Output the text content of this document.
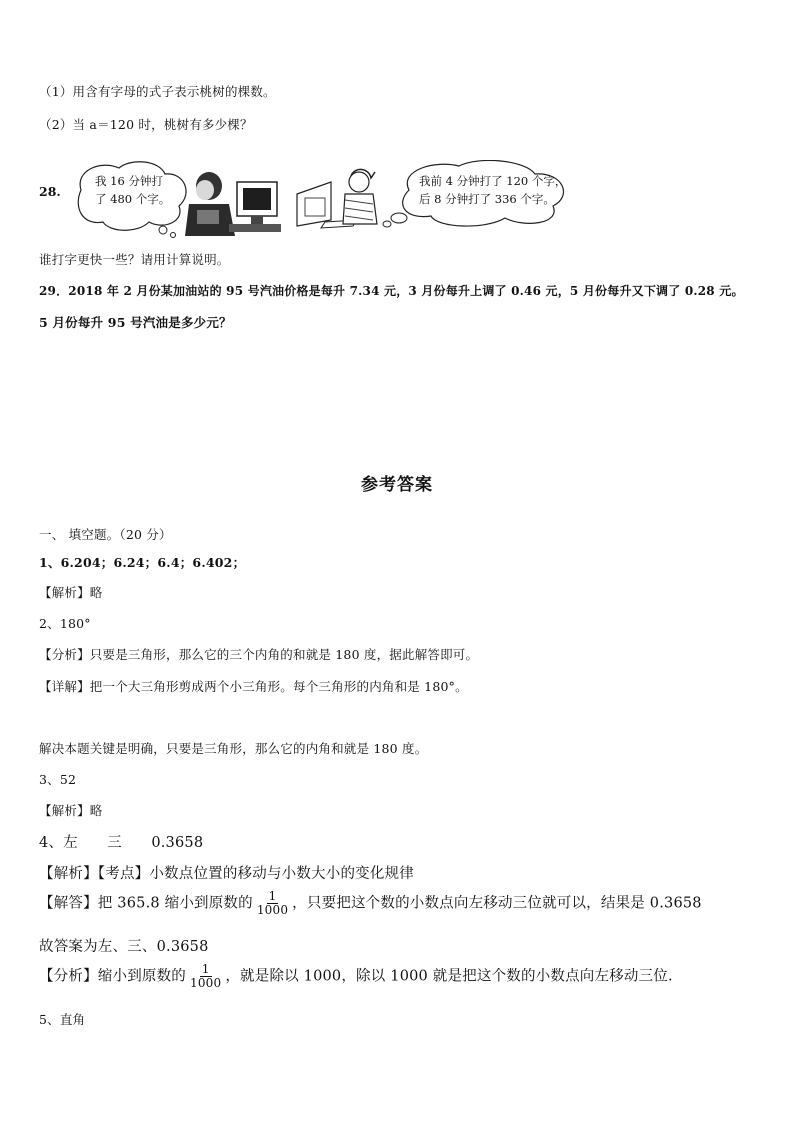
（1）用含有字母的式子表示桃树的棵数。
（2）当 a＝120 时，桃树有多少棵？
28.
我 16 分钟打
了 480 个字。
我前 4 分钟打了 120 个字，
后 8 分钟打了 336 个字。
谁打字更快一些？请用计算说明。
29．2018 年 2 月份某加油站的 95 号汽油价格是每升 7.34 元，3 月份每升上调了 0.46 元，5 月份每升又下调了 0.28 元。
5 月份每升 95 号汽油是多少元？
参考答案
一、 填空题。（20 分）
1、6.204；6.24；6.4；6.402；
【解析】略
2、180°
【分析】只要是三角形，那么它的三个内角的和就是 180 度，据此解答即可。
【详解】把一个大三角形剪成两个小三角形。每个三角形的内角和是 180°。
解决本题关键是明确，只要是三角形，那么它的内角和就是 180 度。
3、52
【解析】略
4、左　　三　　0.3658
【解析】【考点】小数点位置的移动与小数大小的变化规律
【解答】把 365.8 缩小到原数的 $\frac{1}{1000}$ ，只要把这个数的小数点向左移动三位就可以，结果是 0.3658
故答案为左、三、0.3658
【分析】缩小到原数的 $\frac{1}{1000}$ ，就是除以 1000，除以 1000 就是把这个数的小数点向左移动三位.
5、直角
